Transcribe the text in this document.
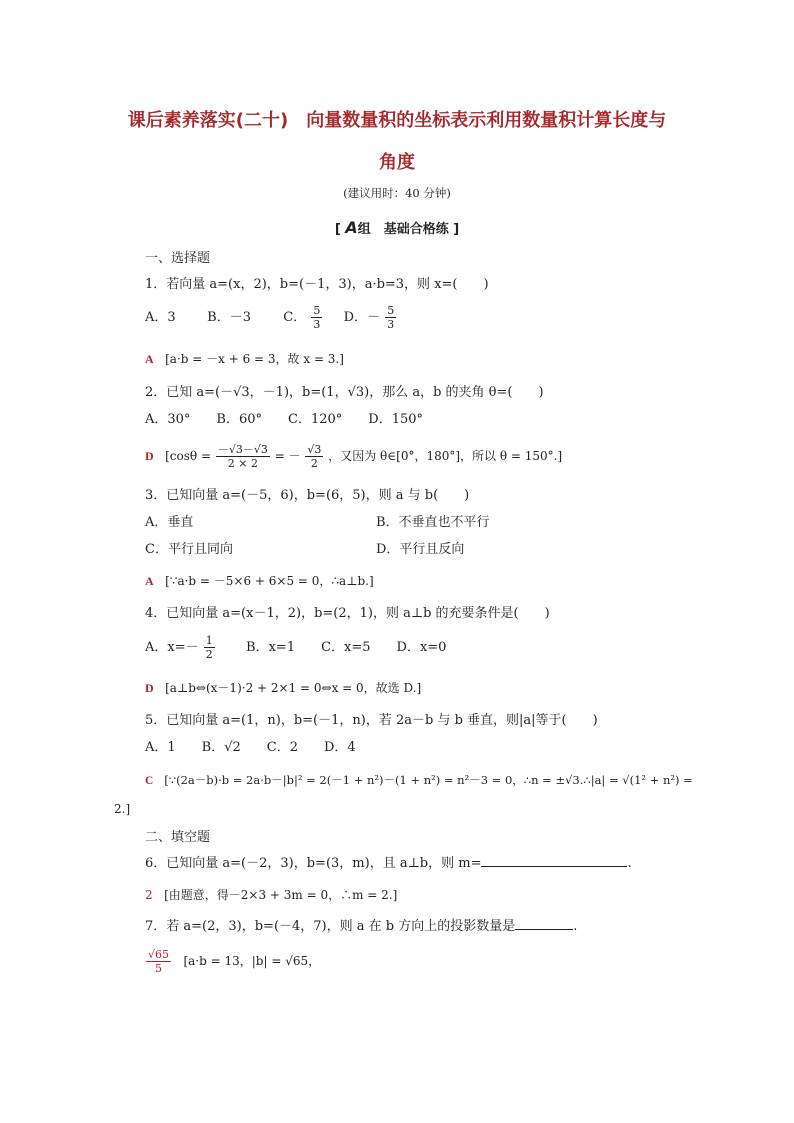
课后素养落实(二十)　向量数量积的坐标表示利用数量积计算长度与
角度
(建议用时：40 分钟)
[ A组　基础合格练 ]
一、选择题
1．若向量 a=(x，2)，b=(－1，3)，a·b=3，则 x=(　　)
A．3 B．－3 C． $\frac{5}{3}$ D．－ $\frac{5}{3}$
A [a·b = －x + 6 = 3，故 x = 3.]
2．已知 a=(－√3，－1)，b=(1，√3)，那么 a，b 的夹角 θ=(　　)
A．30°　　B．60°　　C．120°　　D．150°
D [$\cos\theta = \frac{-√3-√3}{2 \times 2}$ = － $\frac{√3}{2}$ ，又因为 θ∈[0°，180°]，所以 θ = 150°.]
3．已知向量 a=(－5，6)，b=(6，5)，则 a 与 b(　　)
A．垂直	B．不垂直也不平行
C．平行且同向	D．平行且反向
A [∵a·b = －5×6 + 6×5 = 0，∴a⊥b.]
4．已知向量 a=(x－1，2)，b=(2，1)，则 a⊥b 的充要条件是(　　)
A．$x=- \frac{1}{2}$ B．x=1　　C．x=5　　D．x=0
D [a⊥b⇔(x－1)·2 + 2×1 = 0⇔x = 0，故选 D.]
5．已知向量 a=(1，n)，b=(－1，n)，若 2a－b 与 b 垂直，则|a|等于(　　)
A．1　　B．√2　　C．2　　D．4
C [∵(2a－b)·b = 2a·b－|b|² = 2(－1 + n²)－(1 + n²) = n²－3 = 0，∴n = ±√3.∴|a| = √(1² + n²) =
2.]
二、填空题
6．已知向量 a=(－2，3)，b=(3，m)，且 a⊥b，则 m=	.
2 [由题意，得－2×3 + 3m = 0，∴m = 2.]
7．若 a=(2，3)，b=(－4，7)，则 a 在 b 方向上的投影数量是	.
$\frac{√65}{5} [a\cdot b = 13$，|b| = √65，
